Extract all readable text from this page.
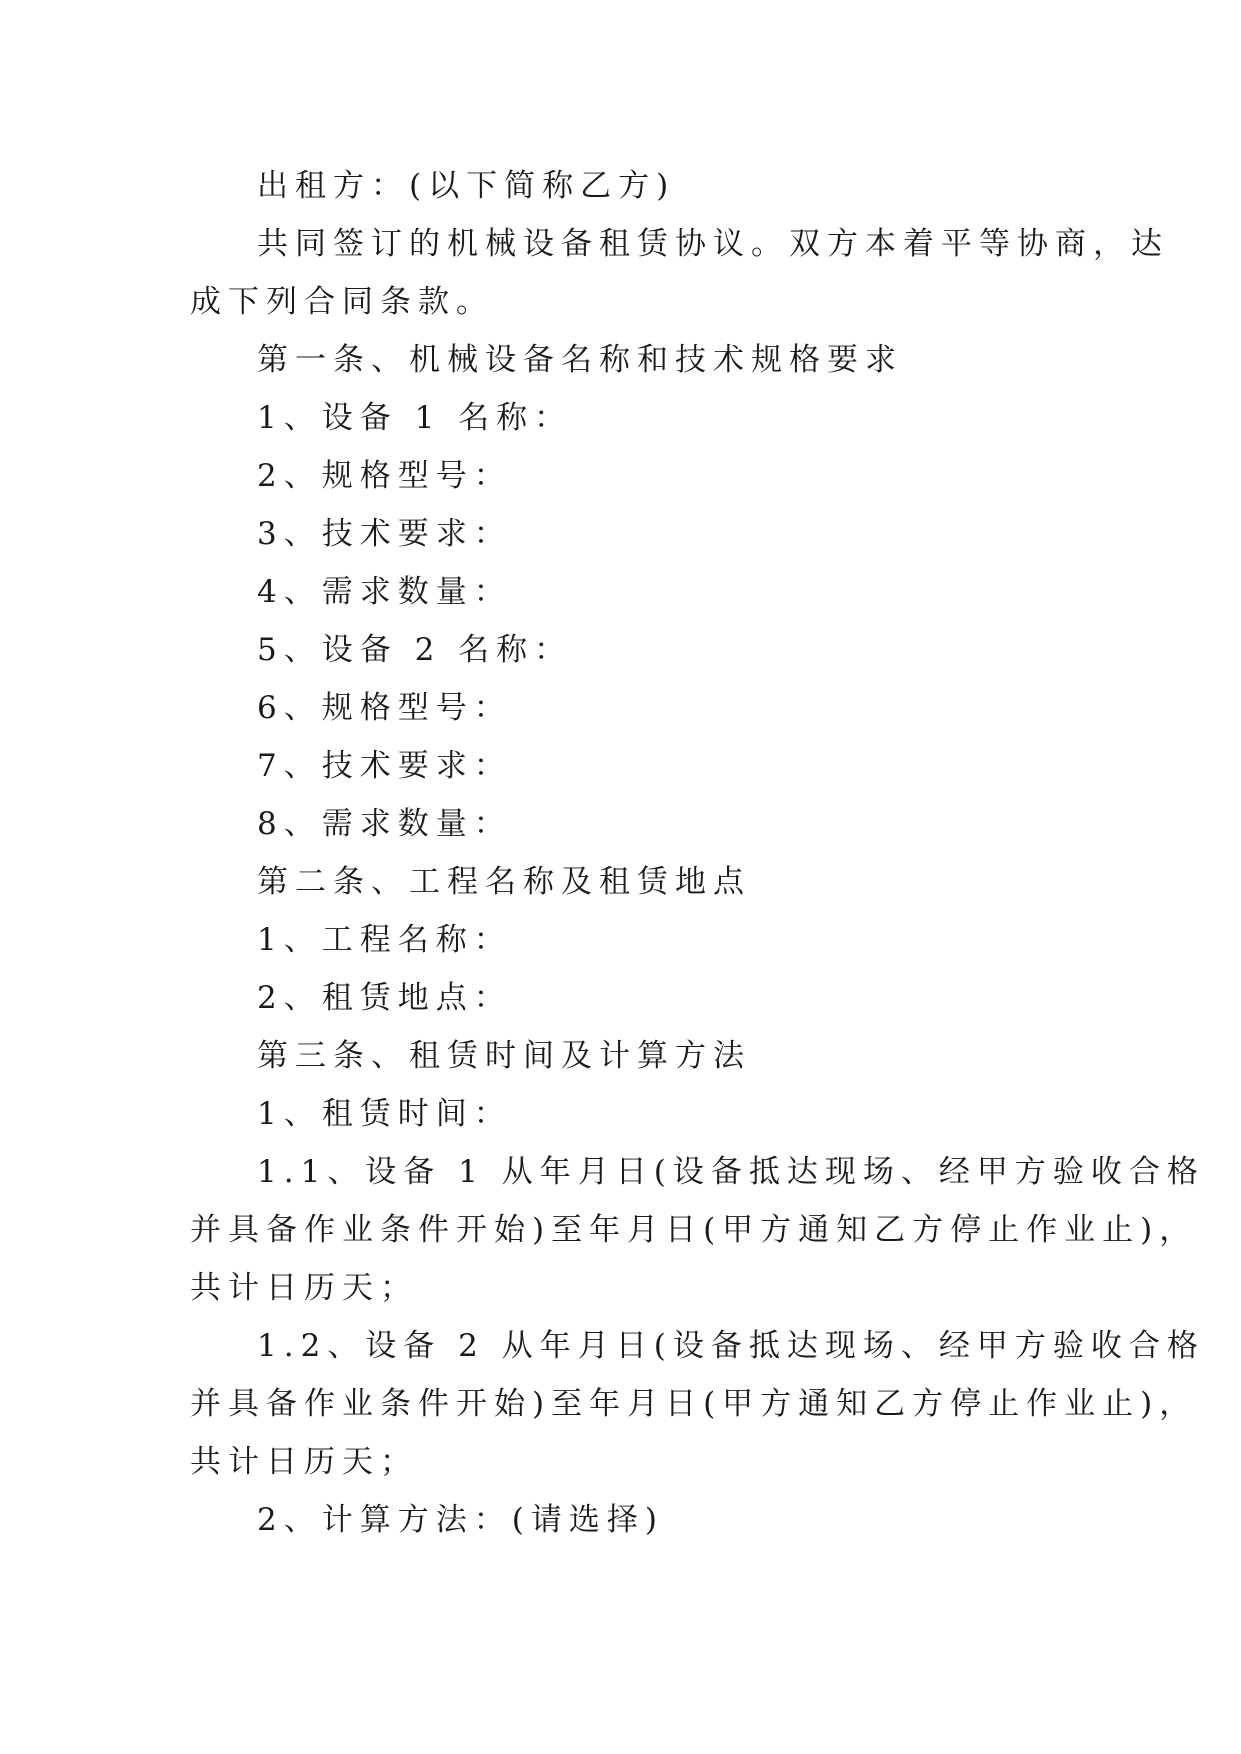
出租方：(以下简称乙方)
共同签订的机械设备租赁协议。双方本着平等协商，达
成下列合同条款。
第一条、机械设备名称和技术规格要求
1、设备 1 名称：
2、规格型号：
3、技术要求：
4、需求数量：
5、设备 2 名称：
6、规格型号：
7、技术要求：
8、需求数量：
第二条、工程名称及租赁地点
1、工程名称：
2、租赁地点：
第三条、租赁时间及计算方法
1、租赁时间：
1.1、设备 1 从年月日(设备抵达现场、经甲方验收合格
并具备作业条件开始)至年月日(甲方通知乙方停止作业止)，
共计日历天；
1.2、设备 2 从年月日(设备抵达现场、经甲方验收合格
并具备作业条件开始)至年月日(甲方通知乙方停止作业止)，
共计日历天；
2、计算方法：(请选择)
